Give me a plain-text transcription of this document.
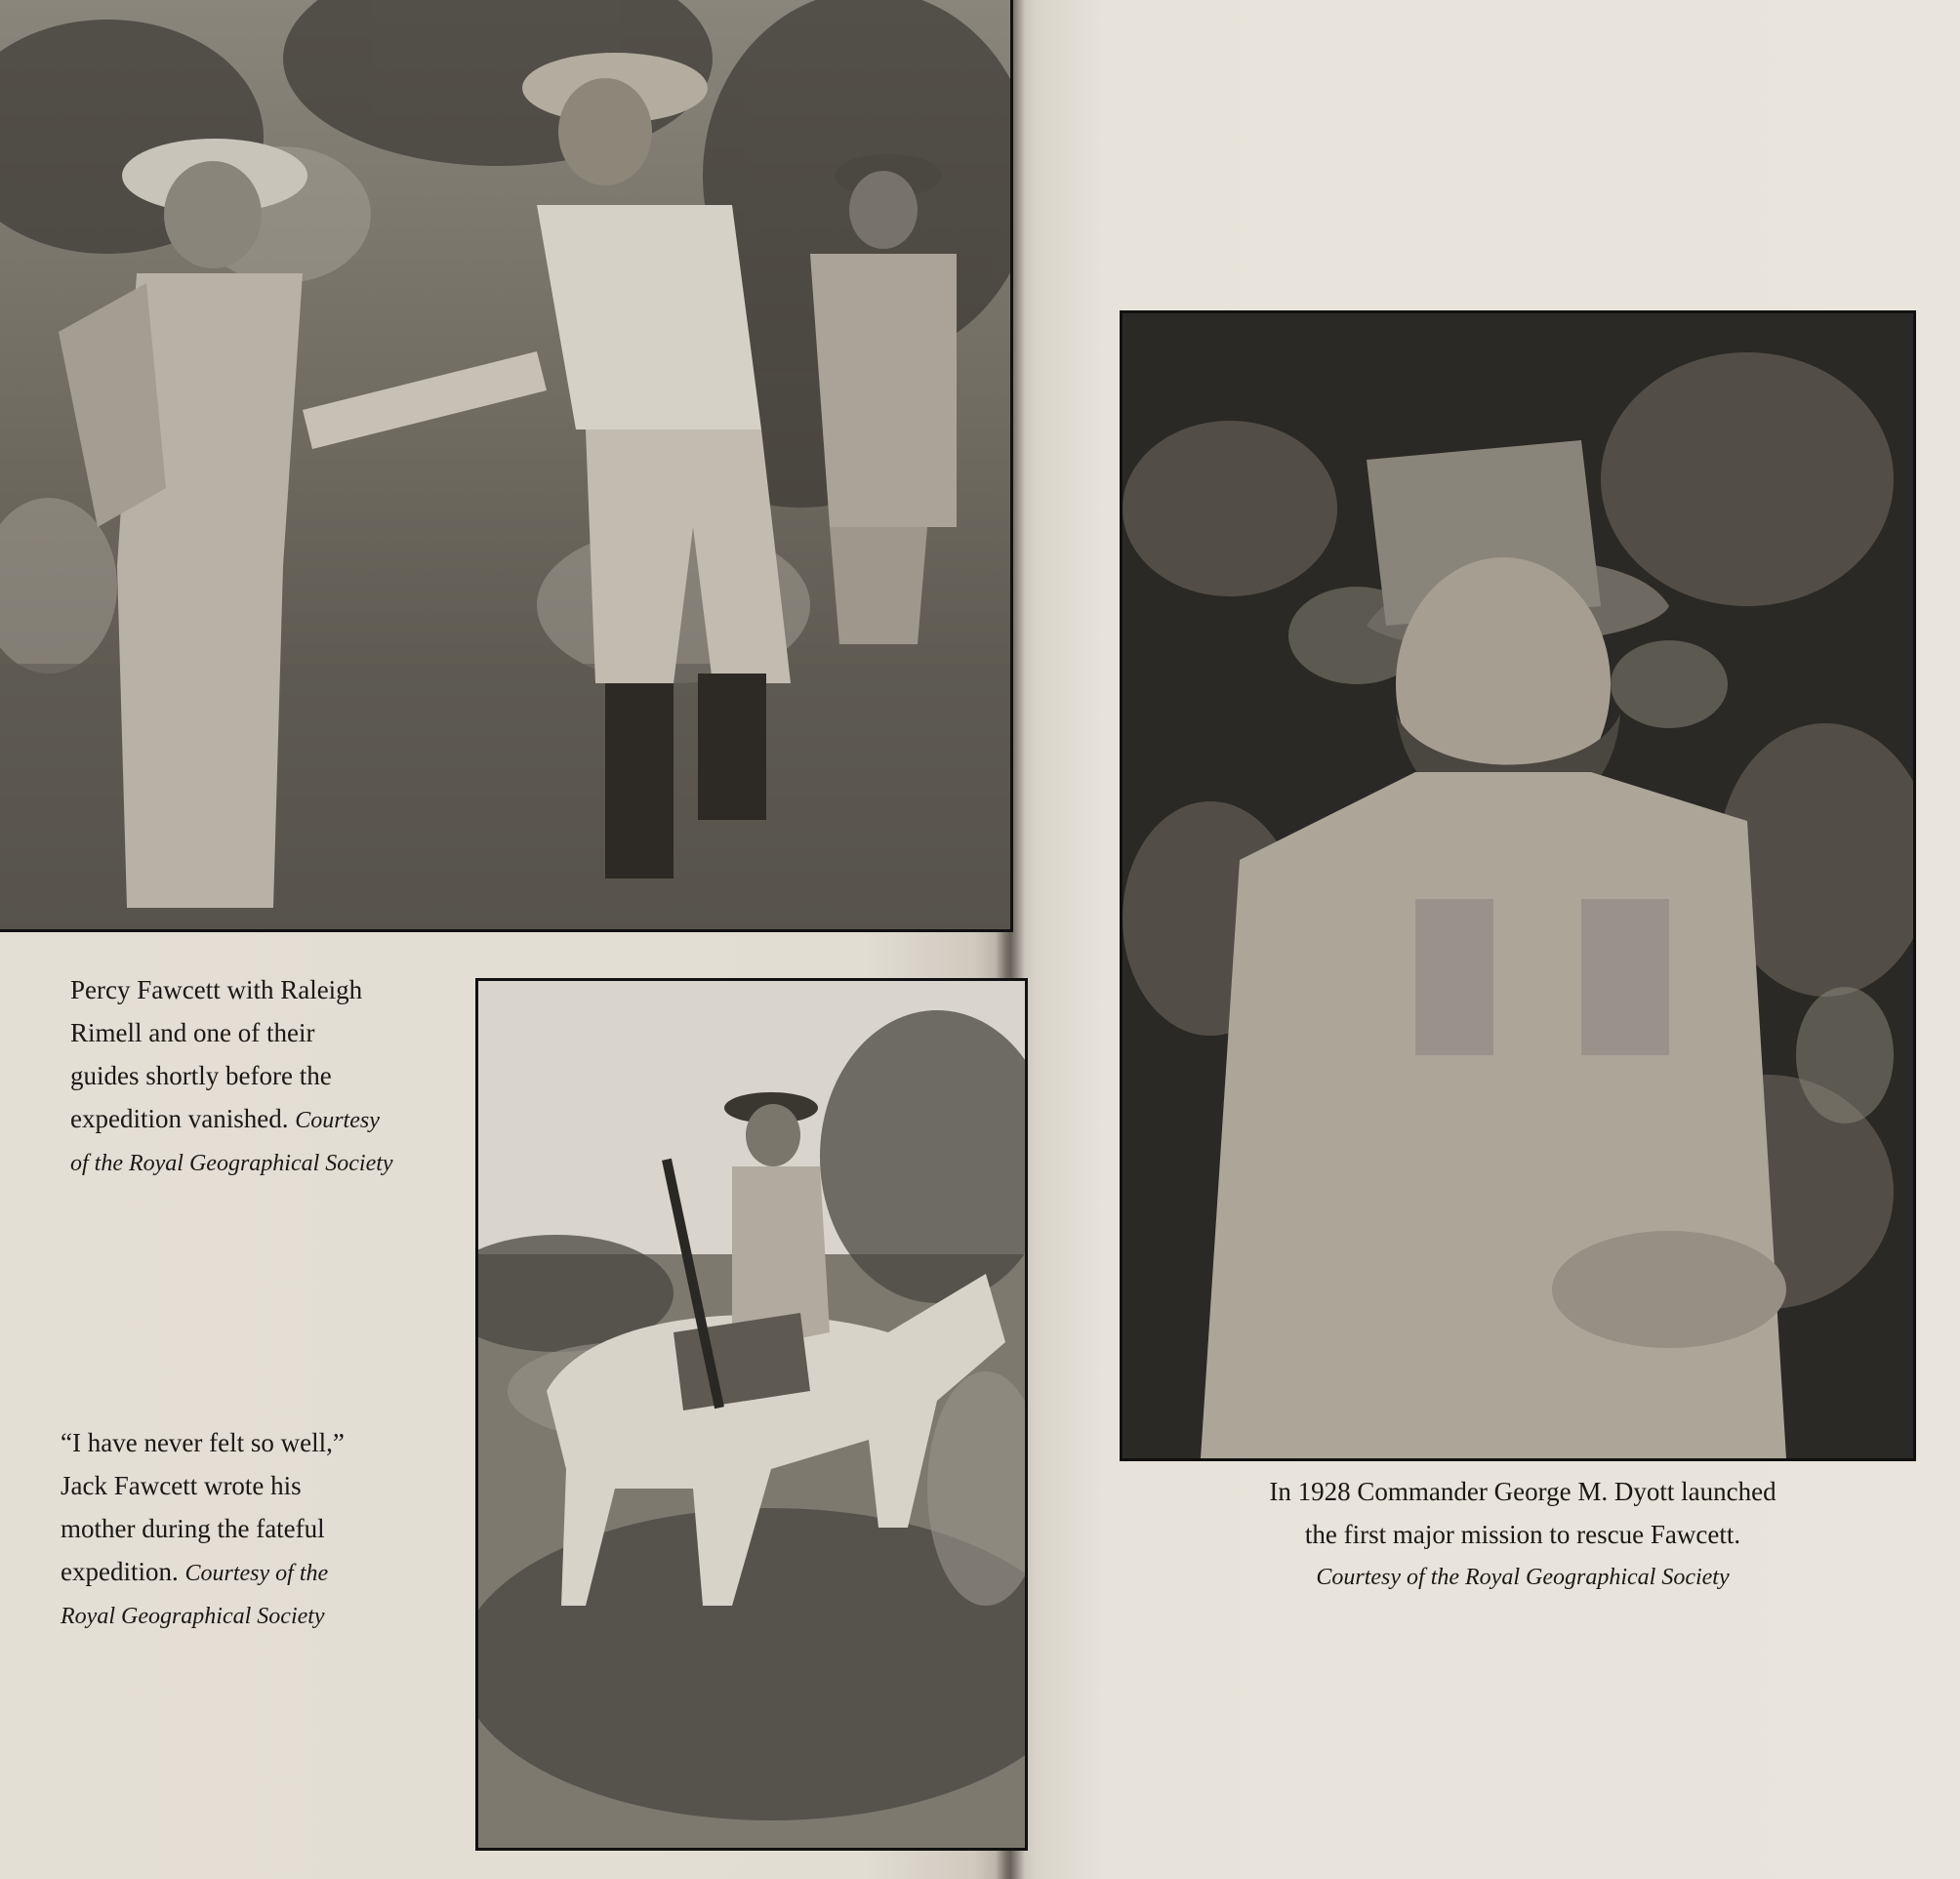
Percy Fawcett with Raleigh
Rimell and one of their
guides shortly before the
expedition vanished. Courtesy
of the Royal Geographical Society
“I have never felt so well,”
Jack Fawcett wrote his
mother during the fateful
expedition. Courtesy of the
Royal Geographical Society
In 1928 Commander George M. Dyott launched
the first major mission to rescue Fawcett.
Courtesy of the Royal Geographical Society
